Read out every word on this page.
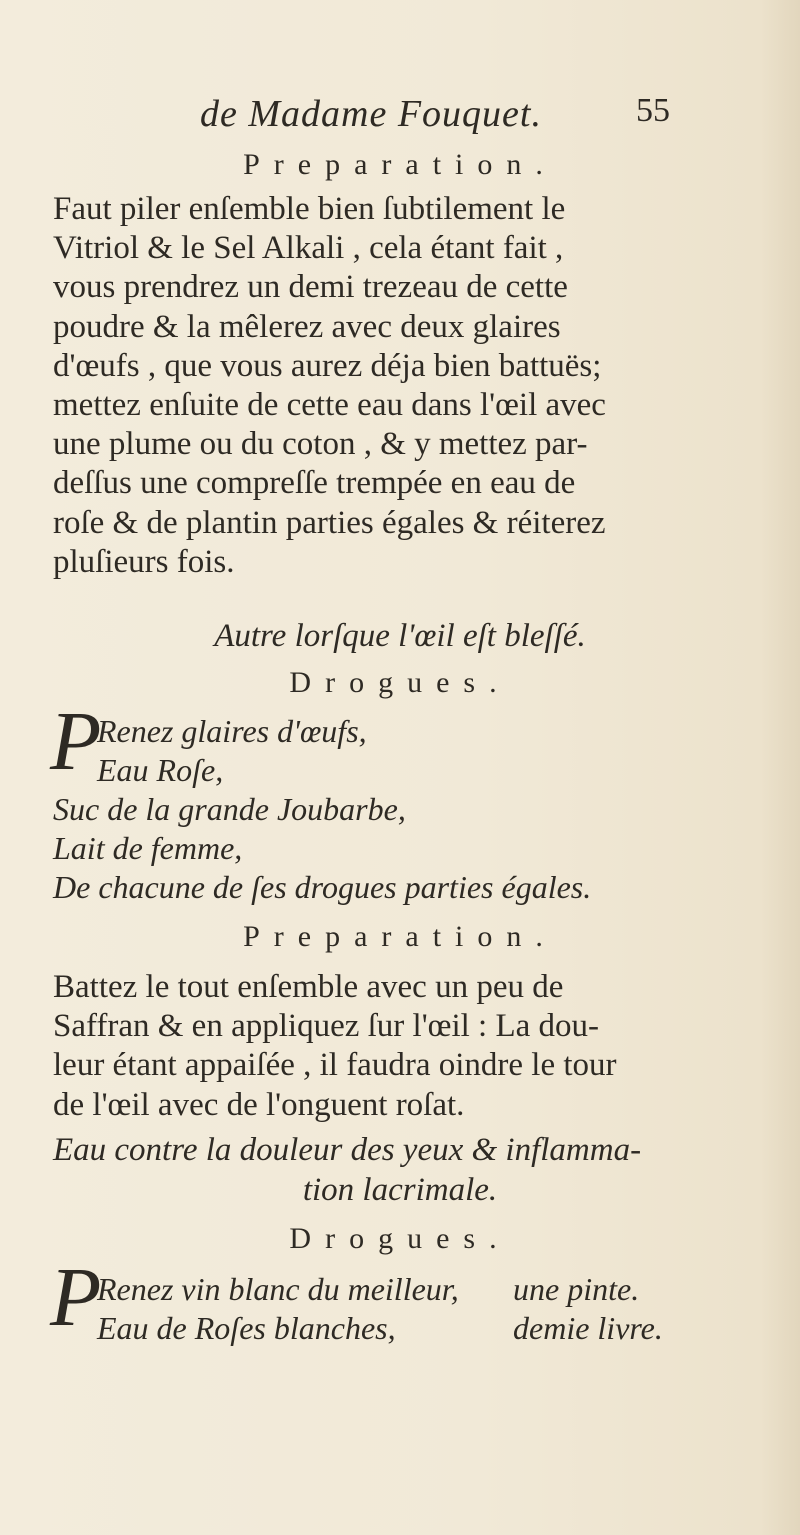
de Madame Fouquet.	55
Preparation.
Faut piler enſemble bien ſubtilement le
Vitriol & le Sel Alkali , cela étant fait ,
vous prendrez un demi trezeau de cette
poudre & la mêlerez avec deux glaires
d'œufs , que vous aurez déja bien battuës;
mettez enſuite de cette eau dans l'œil avec
une plume ou du coton , & y mettez par-
deſſus une compreſſe trempée en eau de
roſe & de plantin parties égales & réiterez
pluſieurs fois.
Autre lorſque l'œil eſt bleſſé.
Drogues.
P
Renez glaires d'œufs,
Eau Roſe,
Suc de la grande Joubarbe,
Lait de femme,
De chacune de ſes drogues parties égales.
Preparation.
Battez le tout enſemble avec un peu de
Saffran & en appliquez ſur l'œil : La dou-
leur étant appaiſée , il faudra oindre le tour
de l'œil avec de l'onguent roſat.
Eau contre la douleur des yeux & inflamma-
tion lacrimale.
Drogues.
P
Renez vin blanc du meilleur, une pinte.
Eau de Roſes blanches,	demie livre.
